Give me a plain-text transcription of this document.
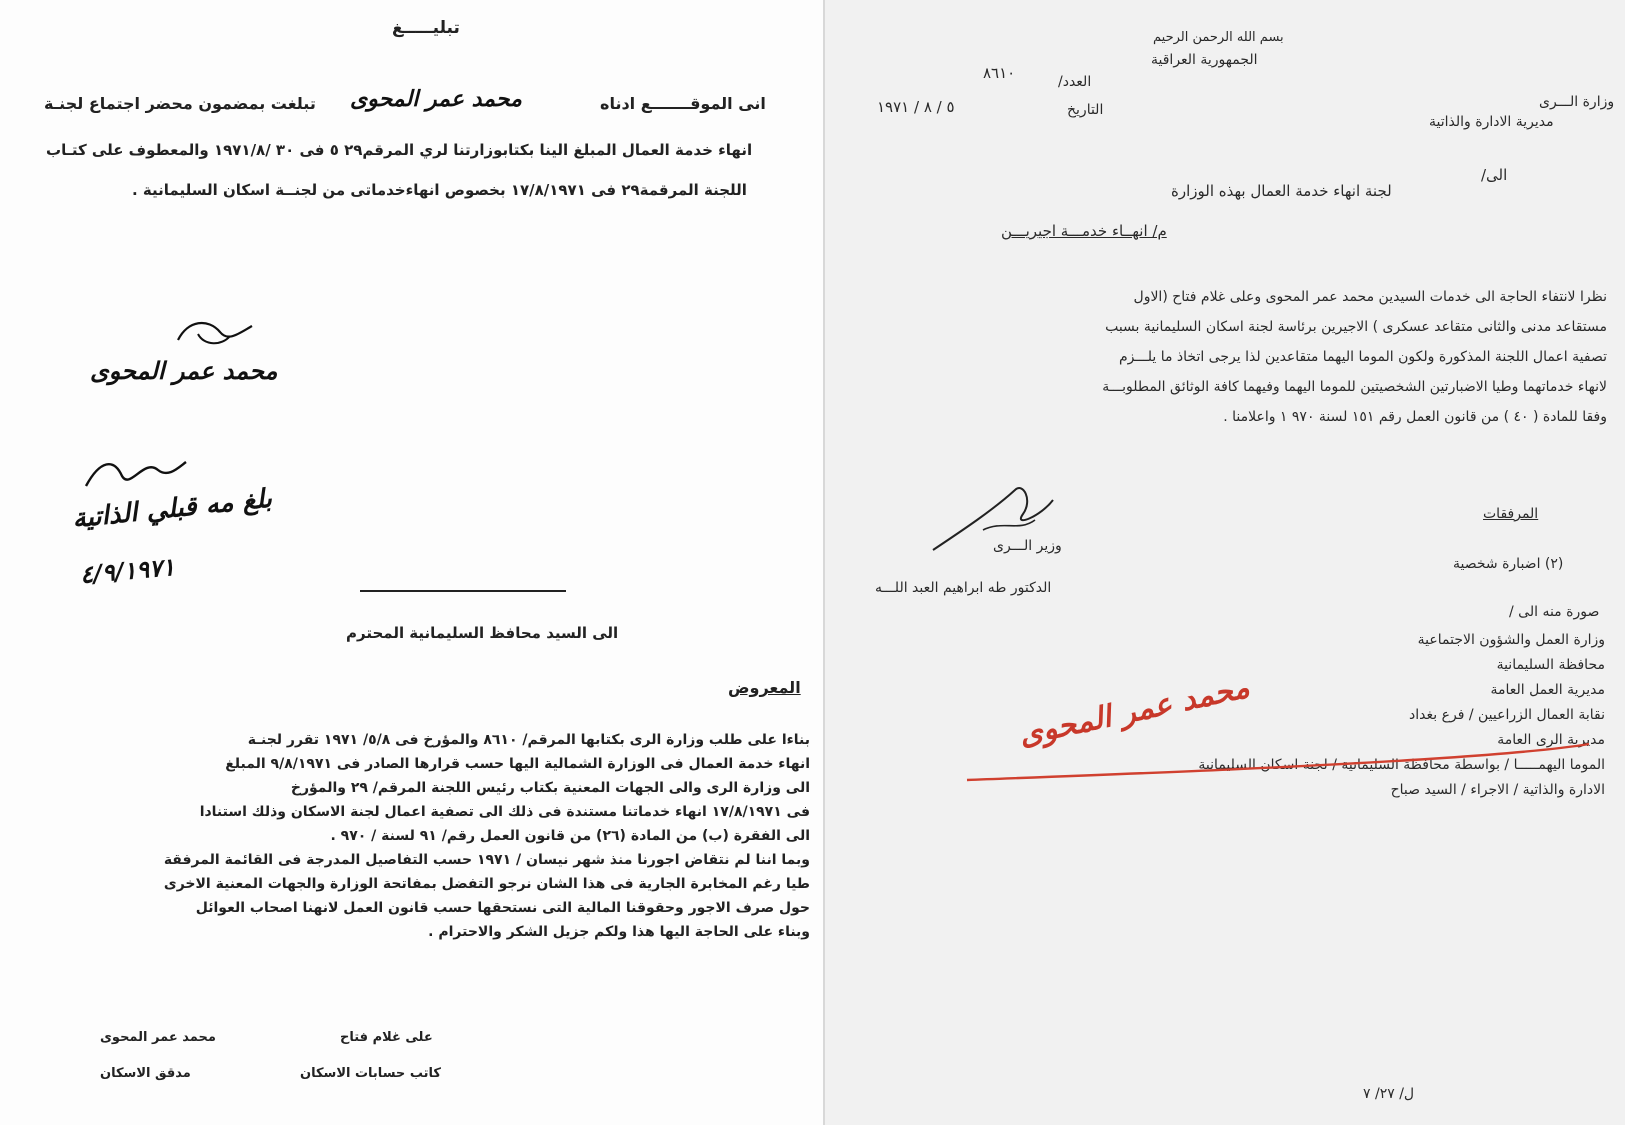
تبليـــــغ
تبلغت بمضمون محضر اجتماع لجنـة محمد عمر المحوى	انى الموقـــــــع ادناه
انهاء خدمة العمال المبلغ الينا بكتابوزارتنا لري المرقم٢٩ ٥ فى ٣٠ /١٩٧١/٨ والمعطوف على كتـاب
اللجنة المرقمة٢٩ فى ١٧/٨/١٩٧١ بخصوص انهاءخدماتى من لجنــة اسكان السليمانية .
محمد عمر المحوى
بلغ مه قبلي الذاتية
٤/٩/١٩٧١
الى السيد محافظ السليمانية المحترم
المعروض
بناءا على طلب وزارة الرى بكتابها المرقم/ ٨٦١٠ والمؤرخ فى ٥/٨/ ١٩٧١ تقرر لجنـة
انهاء خدمة العمال فى الوزارة الشمالية اليها حسب قرارها الصادر فى ٩/٨/١٩٧١ المبلغ
الى وزارة الرى والى الجهات المعنية بكتاب رئيس اللجنة المرقم/ ٢٩ والمؤرخ
فى ١٧/٨/١٩٧١ انهاء خدماتنا مستندة فى ذلك الى تصفية اعمال لجنة الاسكان وذلك استنادا
الى الفقرة (ب) من المادة (٢٦) من قانون العمل رقم/ ٩١ لسنة / ٩٧٠ .
وبما اننا لم نتقاض اجورنا منذ شهر نيسان / ١٩٧١ حسب التفاصيل المدرجة فى القائمة المرفقة
طيا رغم المخابرة الجارية فى هذا الشان نرجو التفضل بمفاتحة الوزارة والجهات المعنية الاخرى
حول صرف الاجور وحقوقنا المالية التى نستحقها حسب قانون العمل لانهنا اصحاب العوائل
وبناء على الحاجة اليها هذا ولكم جزيل الشكر والاحترام .
على غلام فتاح
كاتب حسابات الاسكان
محمد عمر المحوى
مدقق الاسكان
بسم الله الرحمن الرحيم
الجمهورية العراقية
العدد/
٨٦١٠
وزارة الـــرى
مديرية الادارة والذاتية
التاريخ
٥ / ٨ / ١٩٧١
الى/
لجنة انهاء خدمة العمال بهذه الوزارة
م/ انهــاء خدمـــة اجيريـــن
نظرا لانتفاء الحاجة الى خدمات السيدين محمد عمر المحوى وعلى غلام فتاح (الاول
مستقاعد مدنى والثانى متقاعد عسكرى ) الاجيرين برئاسة لجنة اسكان السليمانية بسبب
تصفية اعمال اللجنة المذكورة ولكون الموما اليهما متقاعدين لذا يرجى اتخاذ ما يلـــزم
لانهاء خدماتهما وطيا الاضبارتين الشخصيتين للموما اليهما وفيهما كافة الوثائق المطلوبـــة
وفقا للمادة ( ٤٠ ) من قانون العمل رقم ١٥١ لسنة ٩٧٠ ١ واعلامنا .
المرفقات
(٢) اضبارة شخصية
وزير الـــرى
الدكتور طه ابراهيم العبد اللـــه
صورة منه الى /
وزارة العمل والشؤون الاجتماعية
محافظة السليمانية
مديرية العمل العامة
نقابة العمال الزراعيين / فرع بغداد
مديرية الرى العامة
الموما اليهمـــــا / بواسطة محافظة السليمانية / لجنة اسكان السليمانية
الادارة والذاتية / الاجراء / السيد صباح
محمد عمر المحوى
ل/ ٢٧/ ٧
